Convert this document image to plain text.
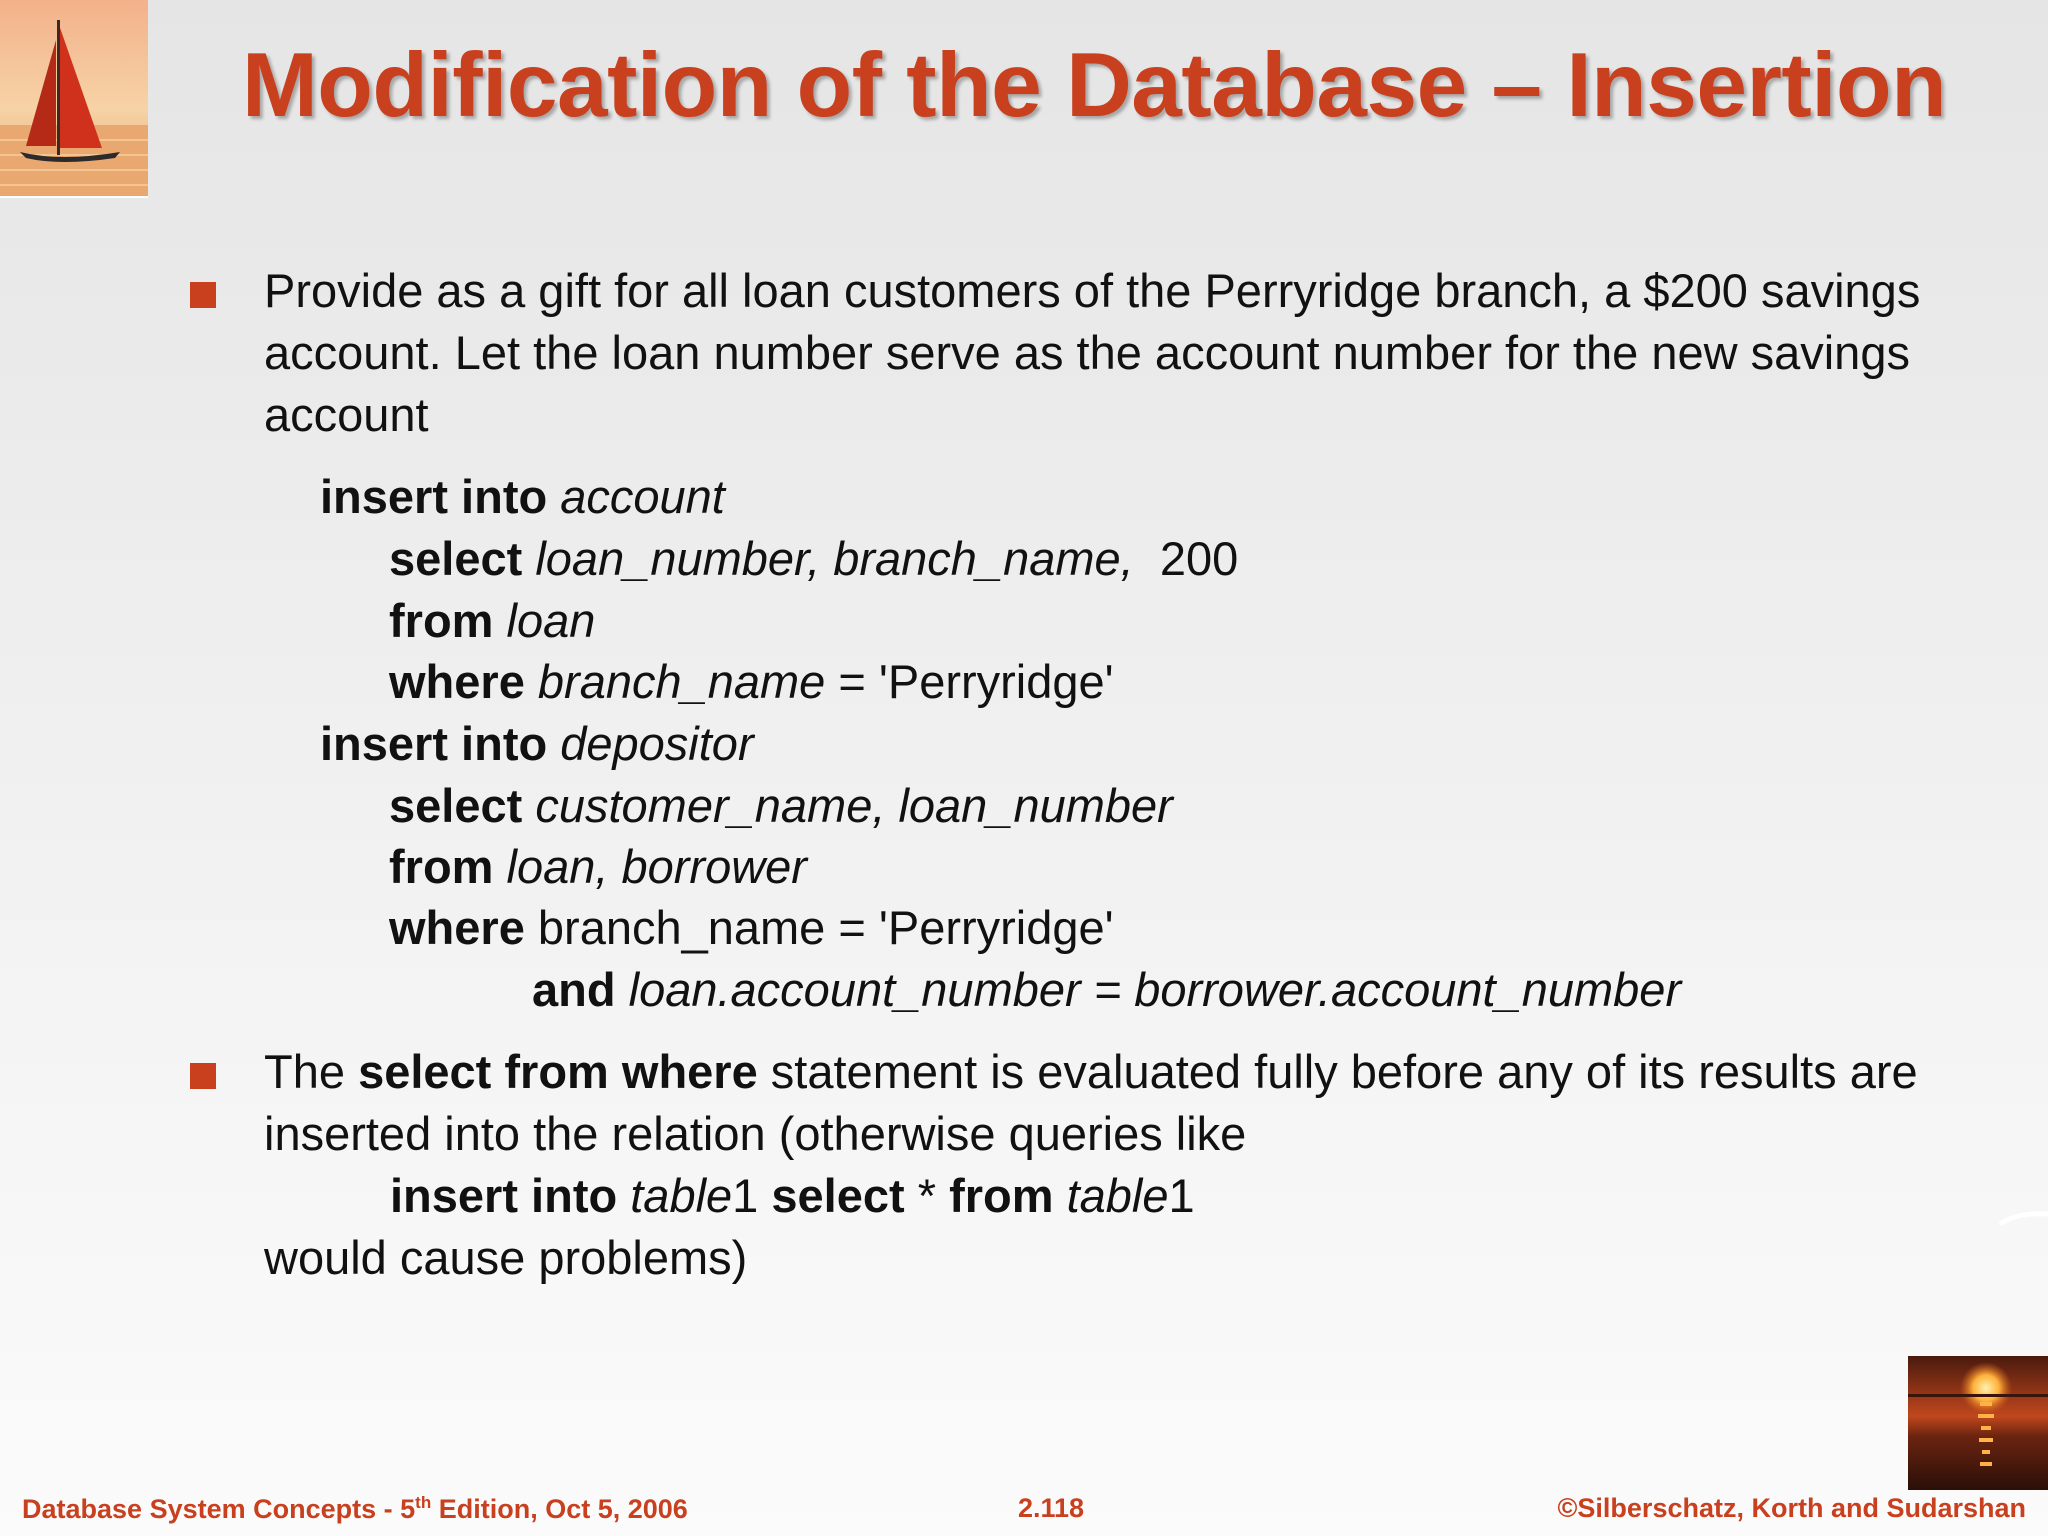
Modification of the Database – Insertion
Provide as a gift for all loan customers of the Perryridge branch, a $200 savings account. Let the loan number serve as the account number for the new savings account
insert into account
select loan_number, branch_name, 200
from loan
where branch_name = 'Perryridge'
insert into depositor
select customer_name, loan_number
from loan, borrower
where branch_name = 'Perryridge'
and loan.account_number = borrower.account_number
The select from where statement is evaluated fully before any of its results are inserted into the relation (otherwise queries like
insert into table1 select * from table1
would cause problems)
Database System Concepts - 5th Edition, Oct 5, 2006	2.118	©Silberschatz, Korth and Sudarshan
